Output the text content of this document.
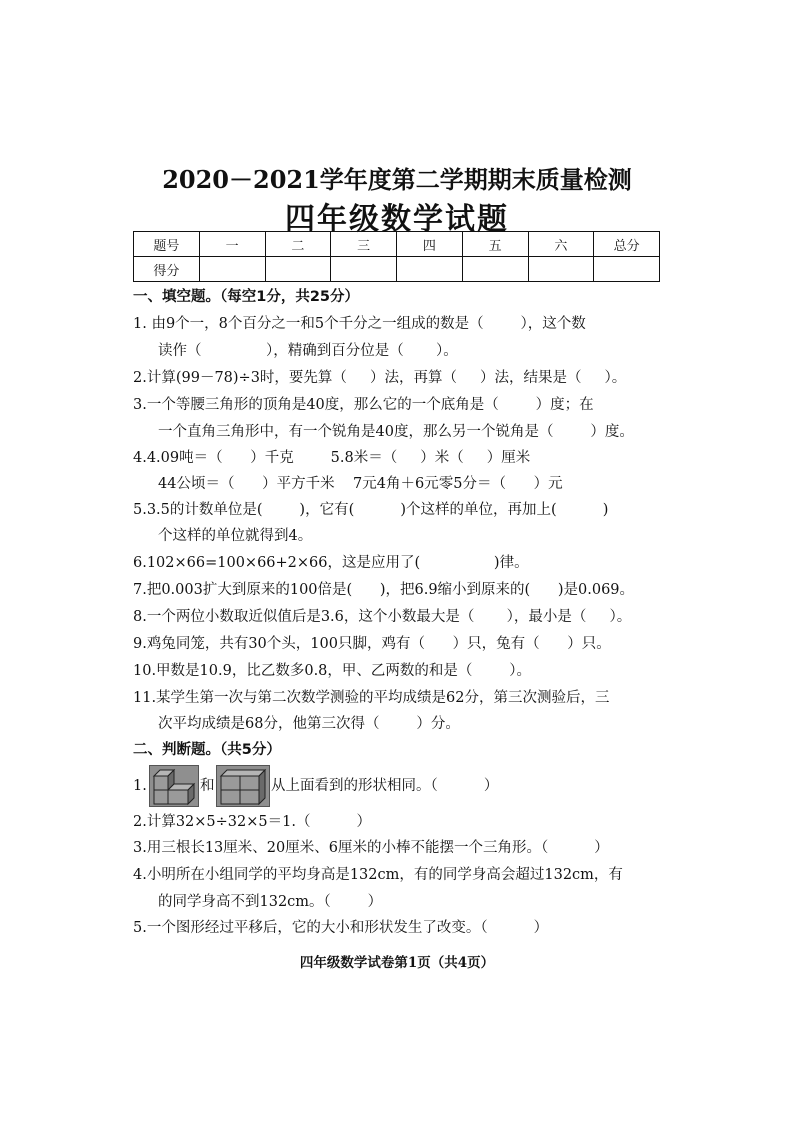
2020－2021学年度第二学期期末质量检测
四年级数学试题
题号	一	二	三	四	五	六	总分
得分							
一、填空题。（每空1分，共25分）
1. 由9个一，8个百分之一和5个千分之一组成的数是（        ），这个数
读作（              ），精确到百分位是（       ）。
2.计算(99－78)÷3时，要先算（     ）法，再算（     ）法，结果是（     ）。
3.一个等腰三角形的顶角是40度，那么它的一个底角是（        ）度；在
一个直角三角形中，有一个锐角是40度，那么另一个锐角是（        ）度。
4.4.09吨＝（      ）千克        5.8米＝（     ）米（     ）厘米
44公顷＝（      ）平方千米    7元4角＋6元零5分＝（      ）元
5.3.5的计数单位是(        )，它有(          )个这样的单位，再加上(          )
个这样的单位就得到4。
6.102×66=100×66+2×66，这是应用了(                )律。
7.把0.003扩大到原来的100倍是(      )，把6.9缩小到原来的(      )是0.069。
8.一个两位小数取近似值后是3.6，这个小数最大是（       ），最小是（     ）。
9.鸡兔同笼，共有30个头，100只脚，鸡有（      ）只，兔有（      ）只。
10.甲数是10.9，比乙数多0.8，甲、乙两数的和是（        ）。
11.某学生第一次与第二次数学测验的平均成绩是62分，第三次测验后，三
次平均成绩是68分，他第三次得（        ）分。
二、判断题。（共5分）
1.	和	从上面看到的形状相同。（          ）
2.计算32×5÷32×5＝1.（          ）
3.用三根长13厘米、20厘米、6厘米的小棒不能摆一个三角形。（          ）
4.小明所在小组同学的平均身高是132cm，有的同学身高会超过132cm，有
的同学身高不到132cm。（        ）
5.一个图形经过平移后，它的大小和形状发生了改变。（          ）
四年级数学试卷第1页（共4页）
